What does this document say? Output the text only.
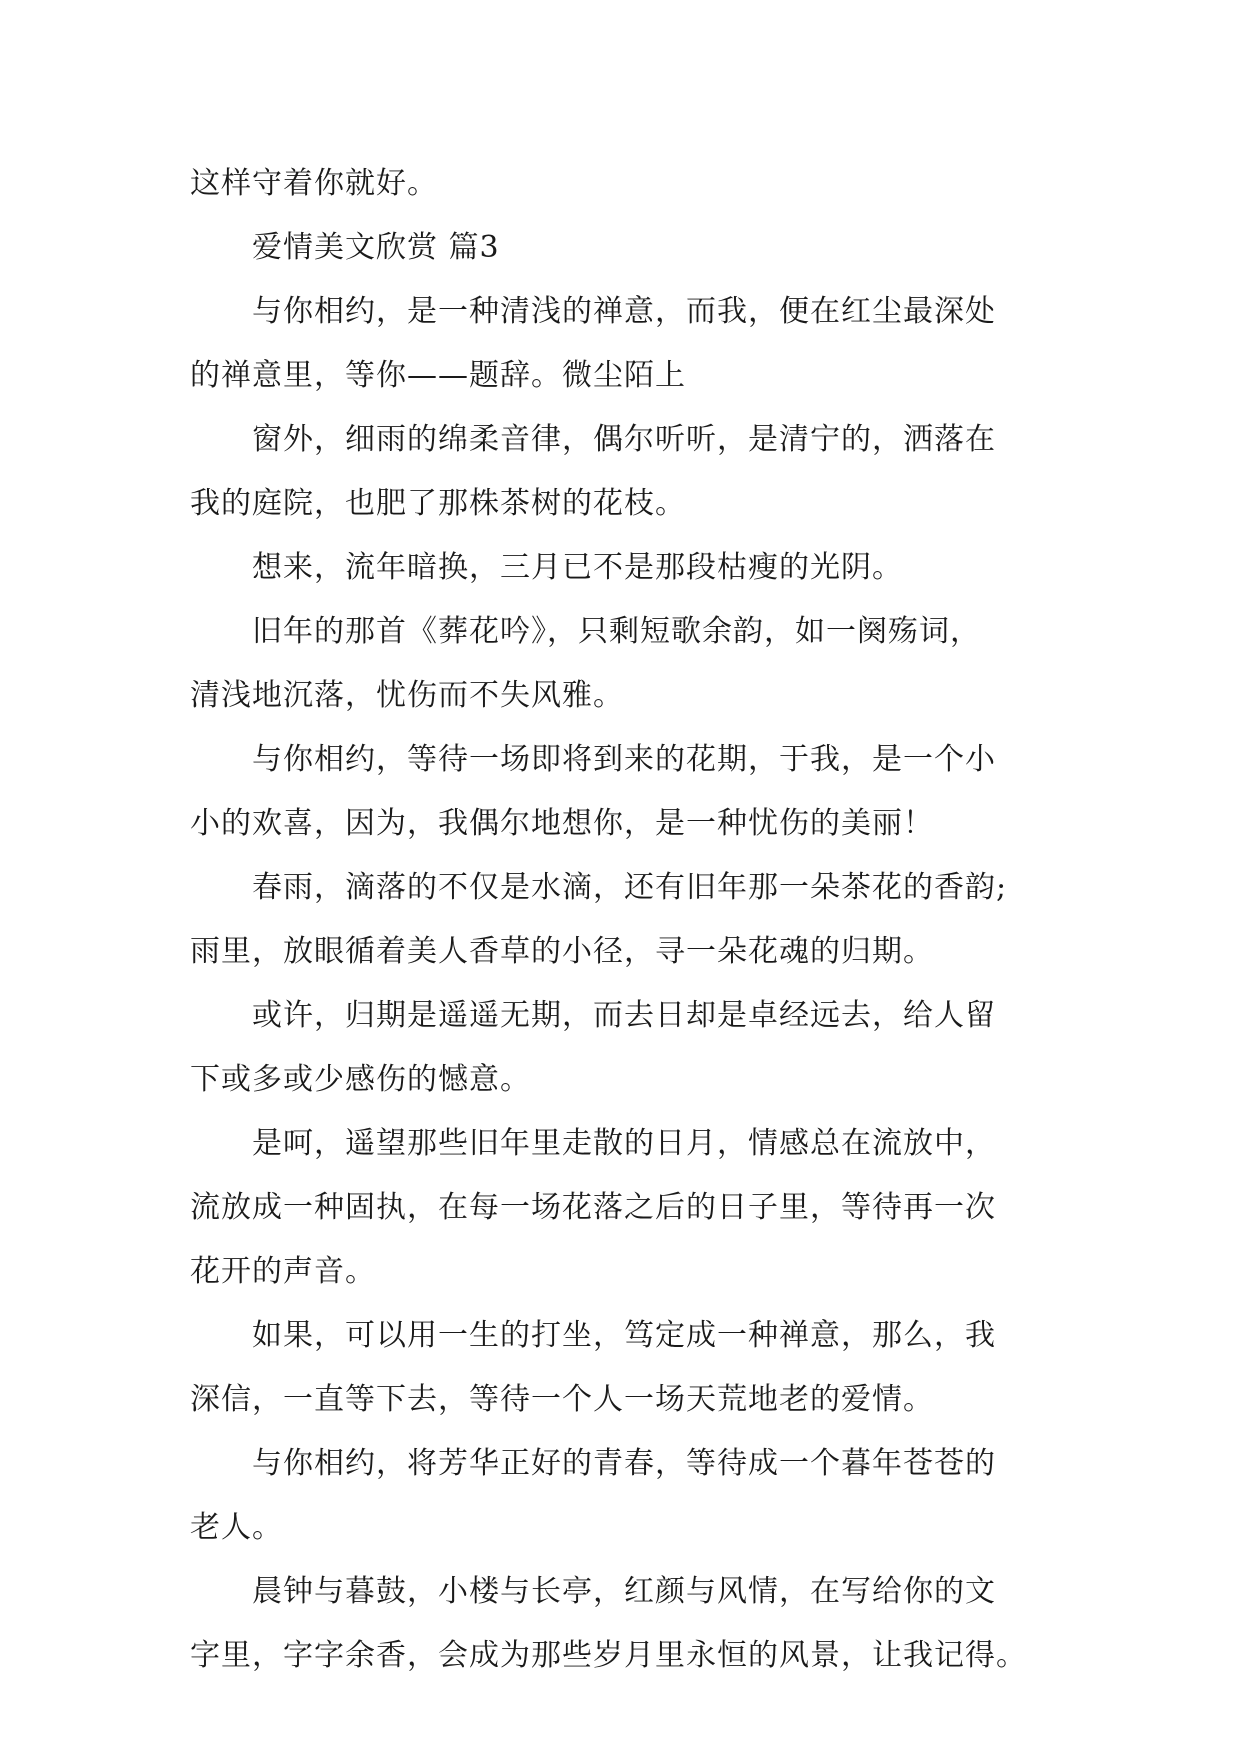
这样守着你就好。
　　爱情美文欣赏 篇3
　　与你相约，是一种清浅的禅意，而我，便在红尘最深处
的禅意里，等你——题辞。微尘陌上
　　窗外，细雨的绵柔音律，偶尔听听，是清宁的，洒落在
我的庭院，也肥了那株茶树的花枝。
　　想来，流年暗换，三月已不是那段枯瘦的光阴。
　　旧年的那首《葬花吟》，只剩短歌余韵，如一阕殇词，
清浅地沉落，忧伤而不失风雅。
　　与你相约，等待一场即将到来的花期，于我，是一个小
小的欢喜，因为，我偶尔地想你，是一种忧伤的美丽！
　　春雨，滴落的不仅是水滴，还有旧年那一朵茶花的香韵;
雨里，放眼循着美人香草的小径，寻一朵花魂的归期。
　　或许，归期是遥遥无期，而去日却是卓经远去，给人留
下或多或少感伤的憾意。
　　是呵，遥望那些旧年里走散的日月，情感总在流放中，
流放成一种固执，在每一场花落之后的日子里，等待再一次
花开的声音。
　　如果，可以用一生的打坐，笃定成一种禅意，那么，我
深信，一直等下去，等待一个人一场天荒地老的爱情。
　　与你相约，将芳华正好的青春，等待成一个暮年苍苍的
老人。
　　晨钟与暮鼓，小楼与长亭，红颜与风情，在写给你的文
字里，字字余香，会成为那些岁月里永恒的风景，让我记得。
